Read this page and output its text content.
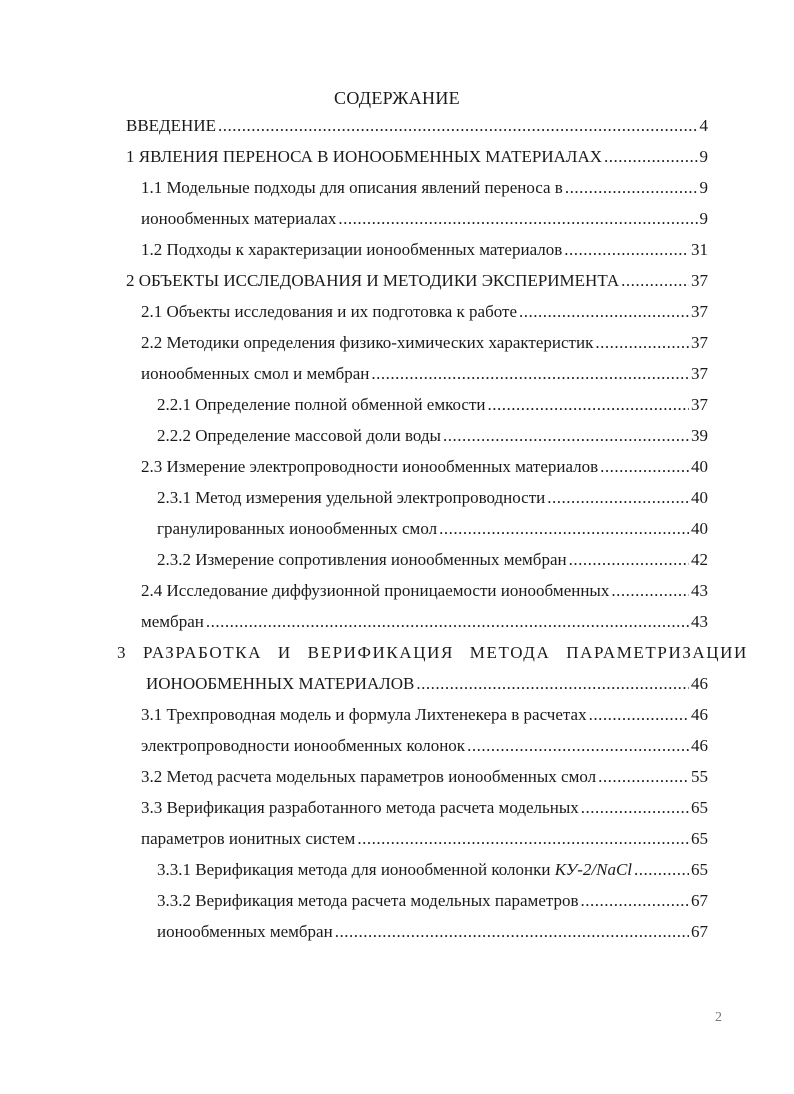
СОДЕРЖАНИЕ
ВВЕДЕНИЕ .....	4
1 ЯВЛЕНИЯ ПЕРЕНОСА В ИОНООБМЕННЫХ МАТЕРИАЛАХ .....	9
1.1 Модельные подходы для описания явлений переноса в .....	9
ионообменных материалах .....	9
1.2 Подходы к характеризации ионообменных материалов .....	31
2 ОБЪЕКТЫ ИССЛЕДОВАНИЯ И МЕТОДИКИ ЭКСПЕРИМЕНТА .....	37
2.1 Объекты исследования и их подготовка к работе .....	37
2.2 Методики определения физико-химических характеристик .....	37
ионообменных смол и мембран .....	37
2.2.1 Определение полной обменной емкости .....	37
2.2.2 Определение массовой доли воды .....	39
2.3 Измерение электропроводности ионообменных материалов .....	40
2.3.1 Метод измерения удельной электропроводности .....	40
гранулированных ионообменных смол .....	40
2.3.2 Измерение сопротивления ионообменных мембран .....	42
2.4 Исследование диффузионной проницаемости ионообменных .....	43
мембран .....	43
3 РАЗРАБОТКА И ВЕРИФИКАЦИЯ МЕТОДА ПАРАМЕТРИЗАЦИИ
ИОНООБМЕННЫХ МАТЕРИАЛОВ .....	46
3.1 Трехпроводная модель и формула Лихтенекера в расчетах .....	46
электропроводности ионообменных колонок .....	46
3.2 Метод расчета модельных параметров ионообменных смол .....	55
3.3 Верификация разработанного метода расчета модельных .....	65
параметров ионитных систем .....	65
3.3.1 Верификация метода для ионообменной колонки КУ-2/NaCl .....	65
3.3.2 Верификация метода расчета модельных параметров .....	67
ионообменных мембран .....	67
2
